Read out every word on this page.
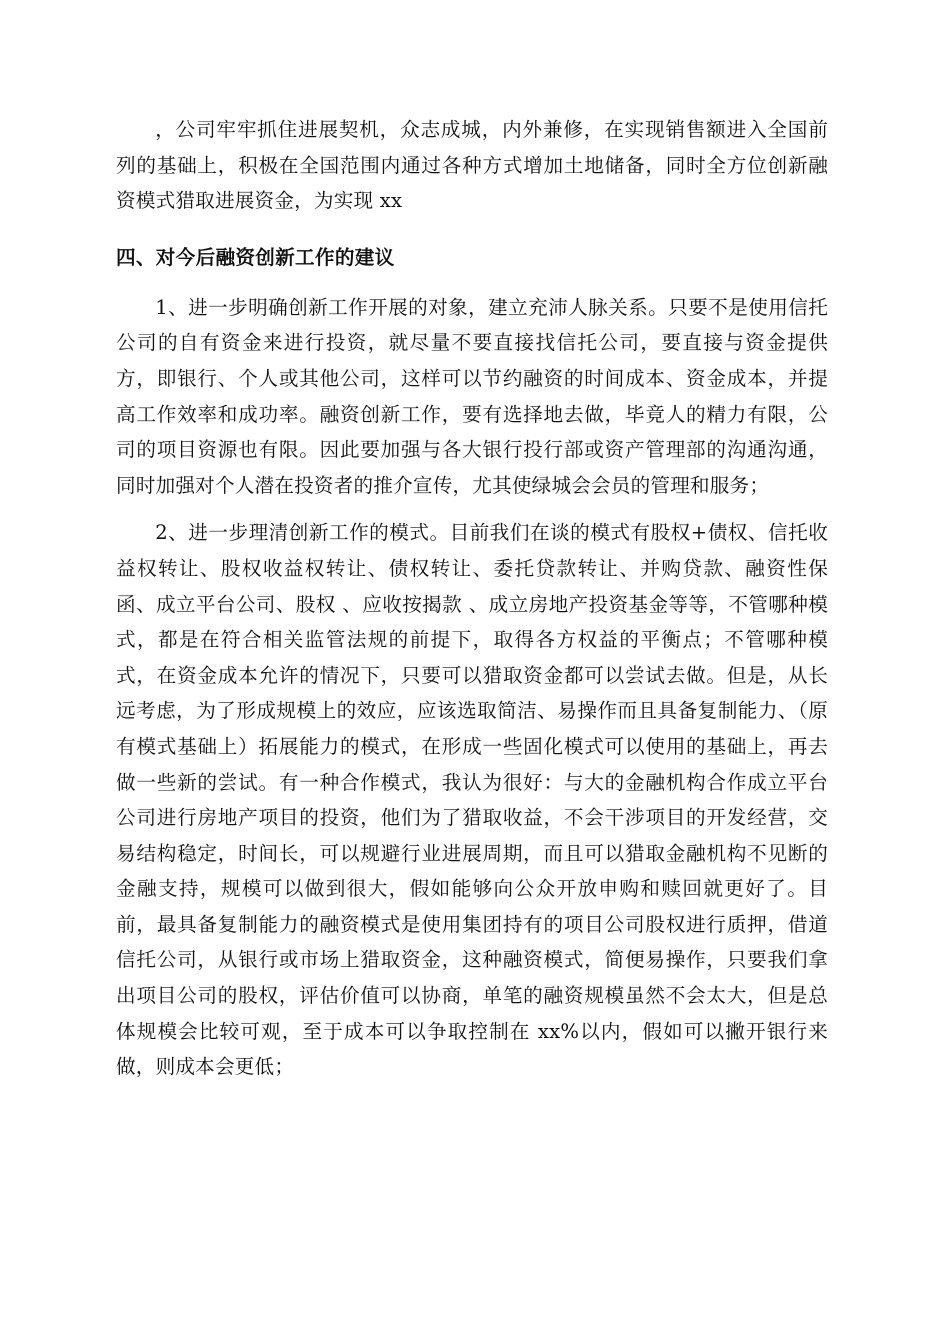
，公司牢牢抓住进展契机，众志成城，内外兼修，在实现销售额进入全国前列的基础上，积极在全国范围内通过各种方式增加土地储备，同时全方位创新融资模式猎取进展资金，为实现 xx

四、对今后融资创新工作的建议

1、进一步明确创新工作开展的对象，建立充沛人脉关系。只要不是使用信托公司的自有资金来进行投资，就尽量不要直接找信托公司，要直接与资金提供方，即银行、个人或其他公司，这样可以节约融资的时间成本、资金成本，并提高工作效率和成功率。融资创新工作，要有选择地去做，毕竟人的精力有限，公司的项目资源也有限。因此要加强与各大银行投行部或资产管理部的沟通沟通，同时加强对个人潜在投资者的推介宣传，尤其使绿城会会员的管理和服务；

2、进一步理清创新工作的模式。目前我们在谈的模式有股权+债权、信托收益权转让、股权收益权转让、债权转让、委托贷款转让、并购贷款、融资性保函、成立平台公司、股权 、应收按揭款 、成立房地产投资基金等等，不管哪种模式，都是在符合相关监管法规的前提下，取得各方权益的平衡点；不管哪种模式，在资金成本允许的情况下，只要可以猎取资金都可以尝试去做。但是，从长远考虑，为了形成规模上的效应，应该选取简洁、易操作而且具备复制能力、（原有模式基础上）拓展能力的模式，在形成一些固化模式可以使用的基础上，再去做一些新的尝试。有一种合作模式，我认为很好：与大的金融机构合作成立平台公司进行房地产项目的投资，他们为了猎取收益，不会干涉项目的开发经营，交易结构稳定，时间长，可以规避行业进展周期，而且可以猎取金融机构不见断的金融支持，规模可以做到很大，假如能够向公众开放申购和赎回就更好了。目前，最具备复制能力的融资模式是使用集团持有的项目公司股权进行质押，借道信托公司，从银行或市场上猎取资金，这种融资模式，简便易操作，只要我们拿出项目公司的股权，评估价值可以协商，单笔的融资规模虽然不会太大，但是总体规模会比较可观，至于成本可以争取控制在 xx%以内，假如可以撇开银行来做，则成本会更低；
